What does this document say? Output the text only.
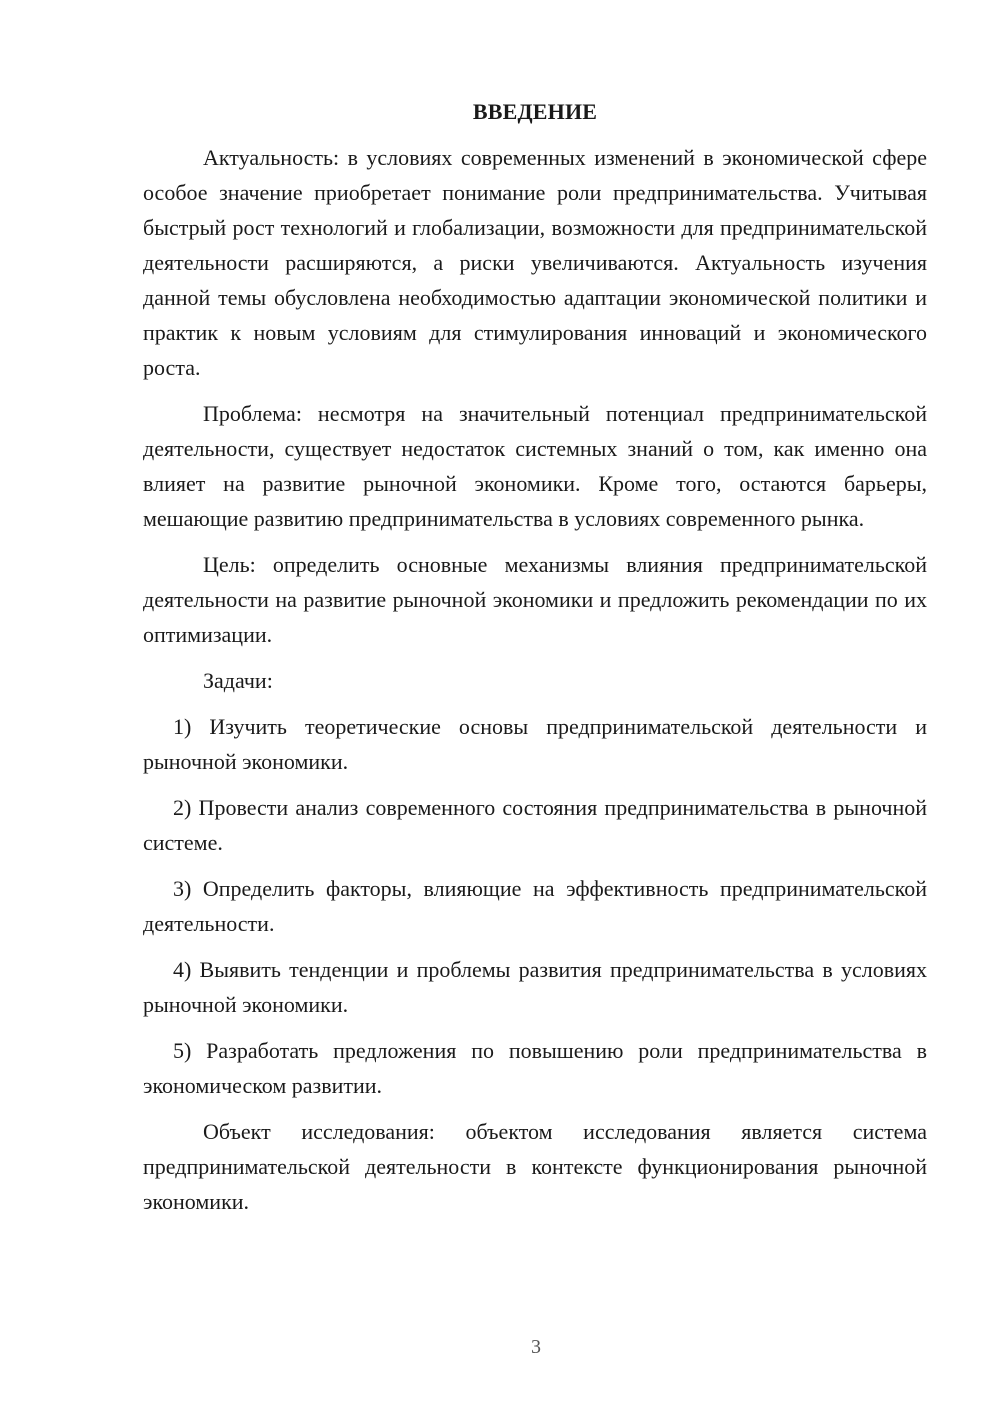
ВВЕДЕНИЕ

Актуальность: в условиях современных изменений в экономической сфере особое значение приобретает понимание роли предпринимательства. Учитывая быстрый рост технологий и глобализации, возможности для предпринимательской деятельности расширяются, а риски увеличиваются. Актуальность изучения данной темы обусловлена необходимостью адаптации экономической политики и практик к новым условиям для стимулирования инноваций и экономического роста.

Проблема: несмотря на значительный потенциал предпринимательской деятельности, существует недостаток системных знаний о том, как именно она влияет на развитие рыночной экономики. Кроме того, остаются барьеры, мешающие развитию предпринимательства в условиях современного рынка.

Цель: определить основные механизмы влияния предпринимательской деятельности на развитие рыночной экономики и предложить рекомендации по их оптимизации.

Задачи:

1) Изучить теоретические основы предпринимательской деятельности и рыночной экономики.

2) Провести анализ современного состояния предпринимательства в рыночной системе.

3) Определить факторы, влияющие на эффективность предпринимательской деятельности.

4) Выявить тенденции и проблемы развития предпринимательства в условиях рыночной экономики.

5) Разработать предложения по повышению роли предпринимательства в экономическом развитии.

Объект исследования: объектом исследования является система предпринимательской деятельности в контексте функционирования рыночной экономики.

3
